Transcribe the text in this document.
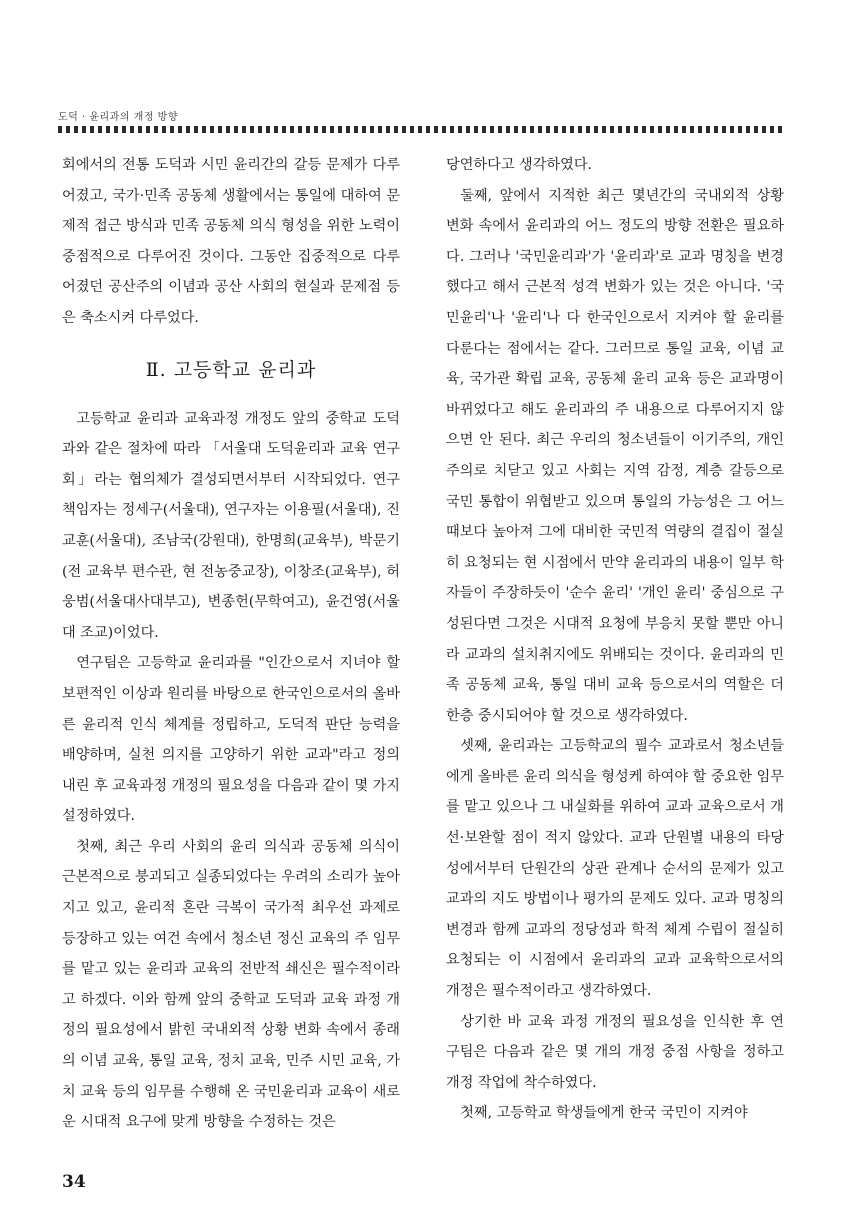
도덕 · 윤리과의 개정 방향

회에서의 전통 도덕과 시민 윤리간의 갈등 문제가 다루어졌고, 국가·민족 공동체 생활에서는 통일에 대하여 문제적 접근 방식과 민족 공동체 의식 형성을 위한 노력이 중점적으로 다루어진 것이다. 그동안 집중적으로 다루어졌던 공산주의 이념과 공산 사회의 현실과 문제점 등은 축소시켜 다루었다.

Ⅱ. 고등학교 윤리과

고등학교 윤리과 교육과정 개정도 앞의 중학교 도덕과와 같은 절차에 따라 「서울대 도덕윤리과 교육 연구회」라는 협의체가 결성되면서부터 시작되었다. 연구 책임자는 정세구(서울대), 연구자는 이용필(서울대), 진교훈(서울대), 조남국(강원대), 한명희(교육부), 박문기(전 교육부 편수관, 현 전농중교장), 이창조(교육부), 허웅범(서울대사대부고), 변종헌(무학여고), 윤건영(서울대 조교)이었다.

연구팀은 고등학교 윤리과를 "인간으로서 지녀야 할 보편적인 이상과 원리를 바탕으로 한국인으로서의 올바른 윤리적 인식 체계를 정립하고, 도덕적 판단 능력을 배양하며, 실천 의지를 고양하기 위한 교과"라고 정의 내린 후 교육과정 개정의 필요성을 다음과 같이 몇 가지 설정하였다.

첫째, 최근 우리 사회의 윤리 의식과 공동체 의식이 근본적으로 붕괴되고 실종되었다는 우려의 소리가 높아지고 있고, 윤리적 혼란 극복이 국가적 최우선 과제로 등장하고 있는 여건 속에서 청소년 정신 교육의 주 임무를 맡고 있는 윤리과 교육의 전반적 쇄신은 필수적이라고 하겠다. 이와 함께 앞의 중학교 도덕과 교육 과정 개정의 필요성에서 밝힌 국내외적 상황 변화 속에서 종래의 이념 교육, 통일 교육, 정치 교육, 민주 시민 교육, 가치 교육 등의 임무를 수행해 온 국민윤리과 교육이 새로운 시대적 요구에 맞게 방향을 수정하는 것은

당연하다고 생각하였다.

둘째, 앞에서 지적한 최근 몇년간의 국내외적 상황 변화 속에서 윤리과의 어느 정도의 방향 전환은 필요하다. 그러나 '국민윤리과'가 '윤리과'로 교과 명칭을 변경했다고 해서 근본적 성격 변화가 있는 것은 아니다. '국민윤리'나 '윤리'나 다 한국인으로서 지켜야 할 윤리를 다룬다는 점에서는 같다. 그러므로 통일 교육, 이념 교육, 국가관 확립 교육, 공동체 윤리 교육 등은 교과명이 바뀌었다고 해도 윤리과의 주 내용으로 다루어지지 않으면 안 된다. 최근 우리의 청소년들이 이기주의, 개인주의로 치닫고 있고 사회는 지역 감정, 계층 갈등으로 국민 통합이 위협받고 있으며 통일의 가능성은 그 어느 때보다 높아져 그에 대비한 국민적 역량의 결집이 절실히 요청되는 현 시점에서 만약 윤리과의 내용이 일부 학자들이 주장하듯이 '순수 윤리' '개인 윤리' 중심으로 구성된다면 그것은 시대적 요청에 부응치 못할 뿐만 아니라 교과의 설치취지에도 위배되는 것이다. 윤리과의 민족 공동체 교육, 통일 대비 교육 등으로서의 역할은 더 한층 중시되어야 할 것으로 생각하였다.

셋째, 윤리과는 고등학교의 필수 교과로서 청소년들에게 올바른 윤리 의식을 형성케 하여야 할 중요한 임무를 맡고 있으나 그 내실화를 위하여 교과 교육으로서 개선·보완할 점이 적지 않았다. 교과 단원별 내용의 타당성에서부터 단원간의 상관 관계나 순서의 문제가 있고 교과의 지도 방법이나 평가의 문제도 있다. 교과 명칭의 변경과 함께 교과의 정당성과 학적 체계 수립이 절실히 요청되는 이 시점에서 윤리과의 교과 교육학으로서의 개정은 필수적이라고 생각하였다.

상기한 바 교육 과정 개정의 필요성을 인식한 후 연구팀은 다음과 같은 몇 개의 개정 중점 사항을 정하고 개정 작업에 착수하였다.

첫째, 고등학교 학생들에게 한국 국민이 지켜야

34
